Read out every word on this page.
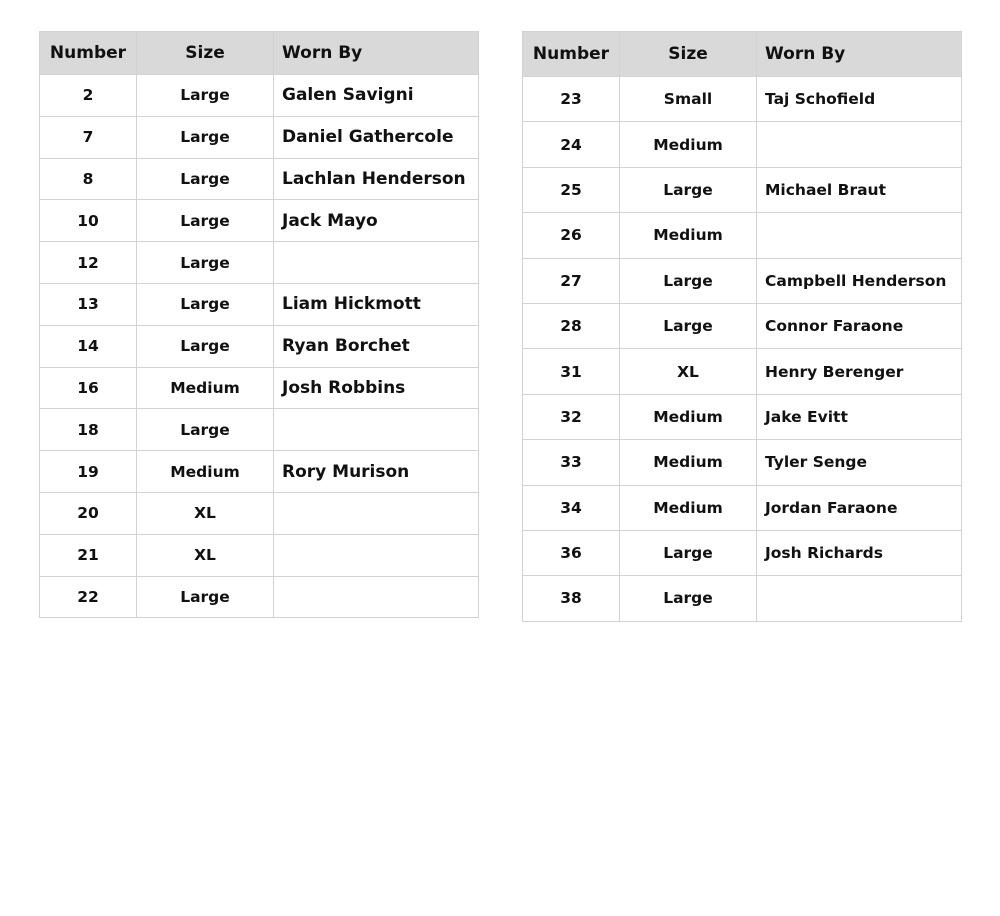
Number	Size	Worn By
2	Large	Galen Savigni
7	Large	Daniel Gathercole
8	Large	Lachlan Henderson
10	Large	Jack Mayo
12	Large	
13	Large	Liam Hickmott
14	Large	Ryan Borchet
16	Medium	Josh Robbins
18	Large	
19	Medium	Rory Murison
20	XL	
21	XL	
22	Large	
Number	Size	Worn By
23	Small	Taj Schofield
24	Medium	
25	Large	Michael Braut
26	Medium	
27	Large	Campbell Henderson
28	Large	Connor Faraone
31	XL	Henry Berenger
32	Medium	Jake Evitt
33	Medium	Tyler Senge
34	Medium	Jordan Faraone
36	Large	Josh Richards
38	Large	
